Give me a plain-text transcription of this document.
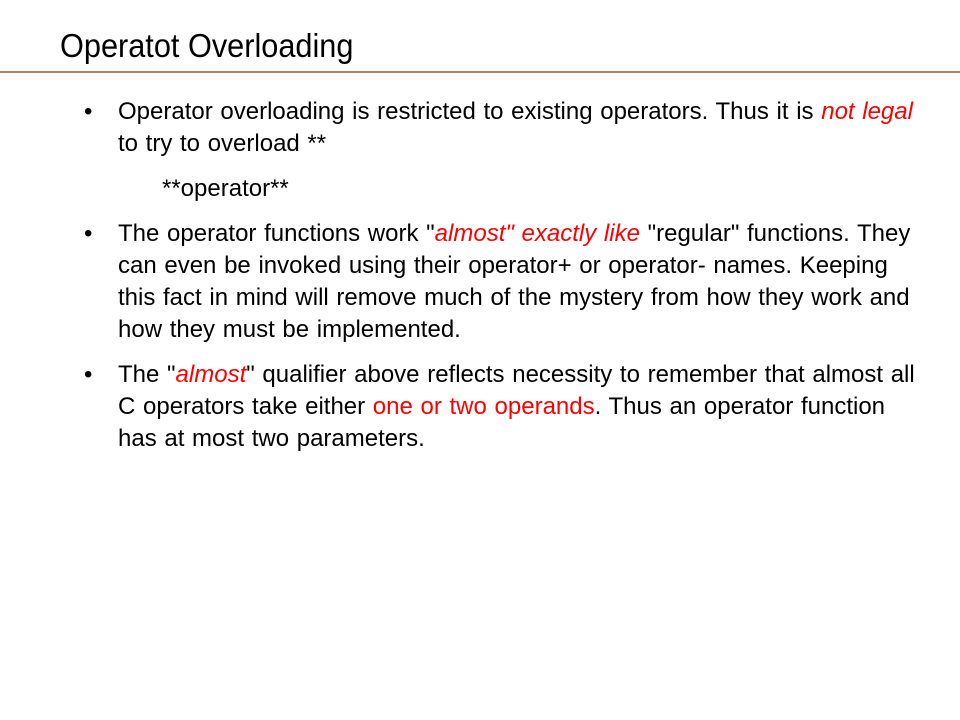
Operatot Overloading

• Operator overloading is restricted to existing operators. Thus it is not legal to try to overload **

**operator**

• The operator functions work "almost" exactly like "regular" functions. They can even be invoked using their operator+ or operator- names. Keeping this fact in mind will remove much of the mystery from how they work and how they must be implemented.

• The "almost" qualifier above reflects necessity to remember that almost all C operators take either one or two operands. Thus an operator function has at most two parameters.
